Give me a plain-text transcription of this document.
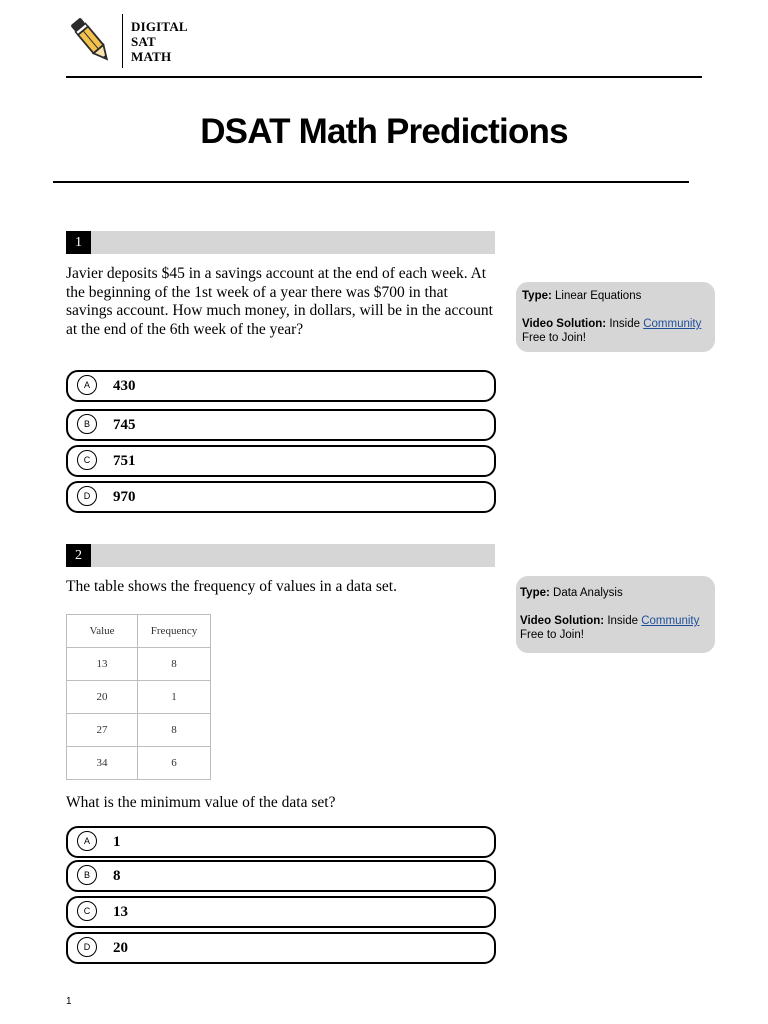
DIGITAL
SAT
MATH
DSAT Math Predictions
1
Javier deposits $45 in a savings account at the end of each week. At the beginning of the 1st week of a year there was $700 in that savings account. How much money, in dollars, will be in the account at the end of the 6th week of the year?
Type: Linear Equations
Video Solution: Inside Community
Free to Join!
A	430
B	745
C	751
D	970
2
The table shows the frequency of values in a data set.	Type: Data Analysis
Video Solution: Inside Community
Free to Join!
Value	Frequency
13	8
20	1
27	8
34	6
What is the minimum value of the data set?
A	1
B	8
C	13
D	20
1
